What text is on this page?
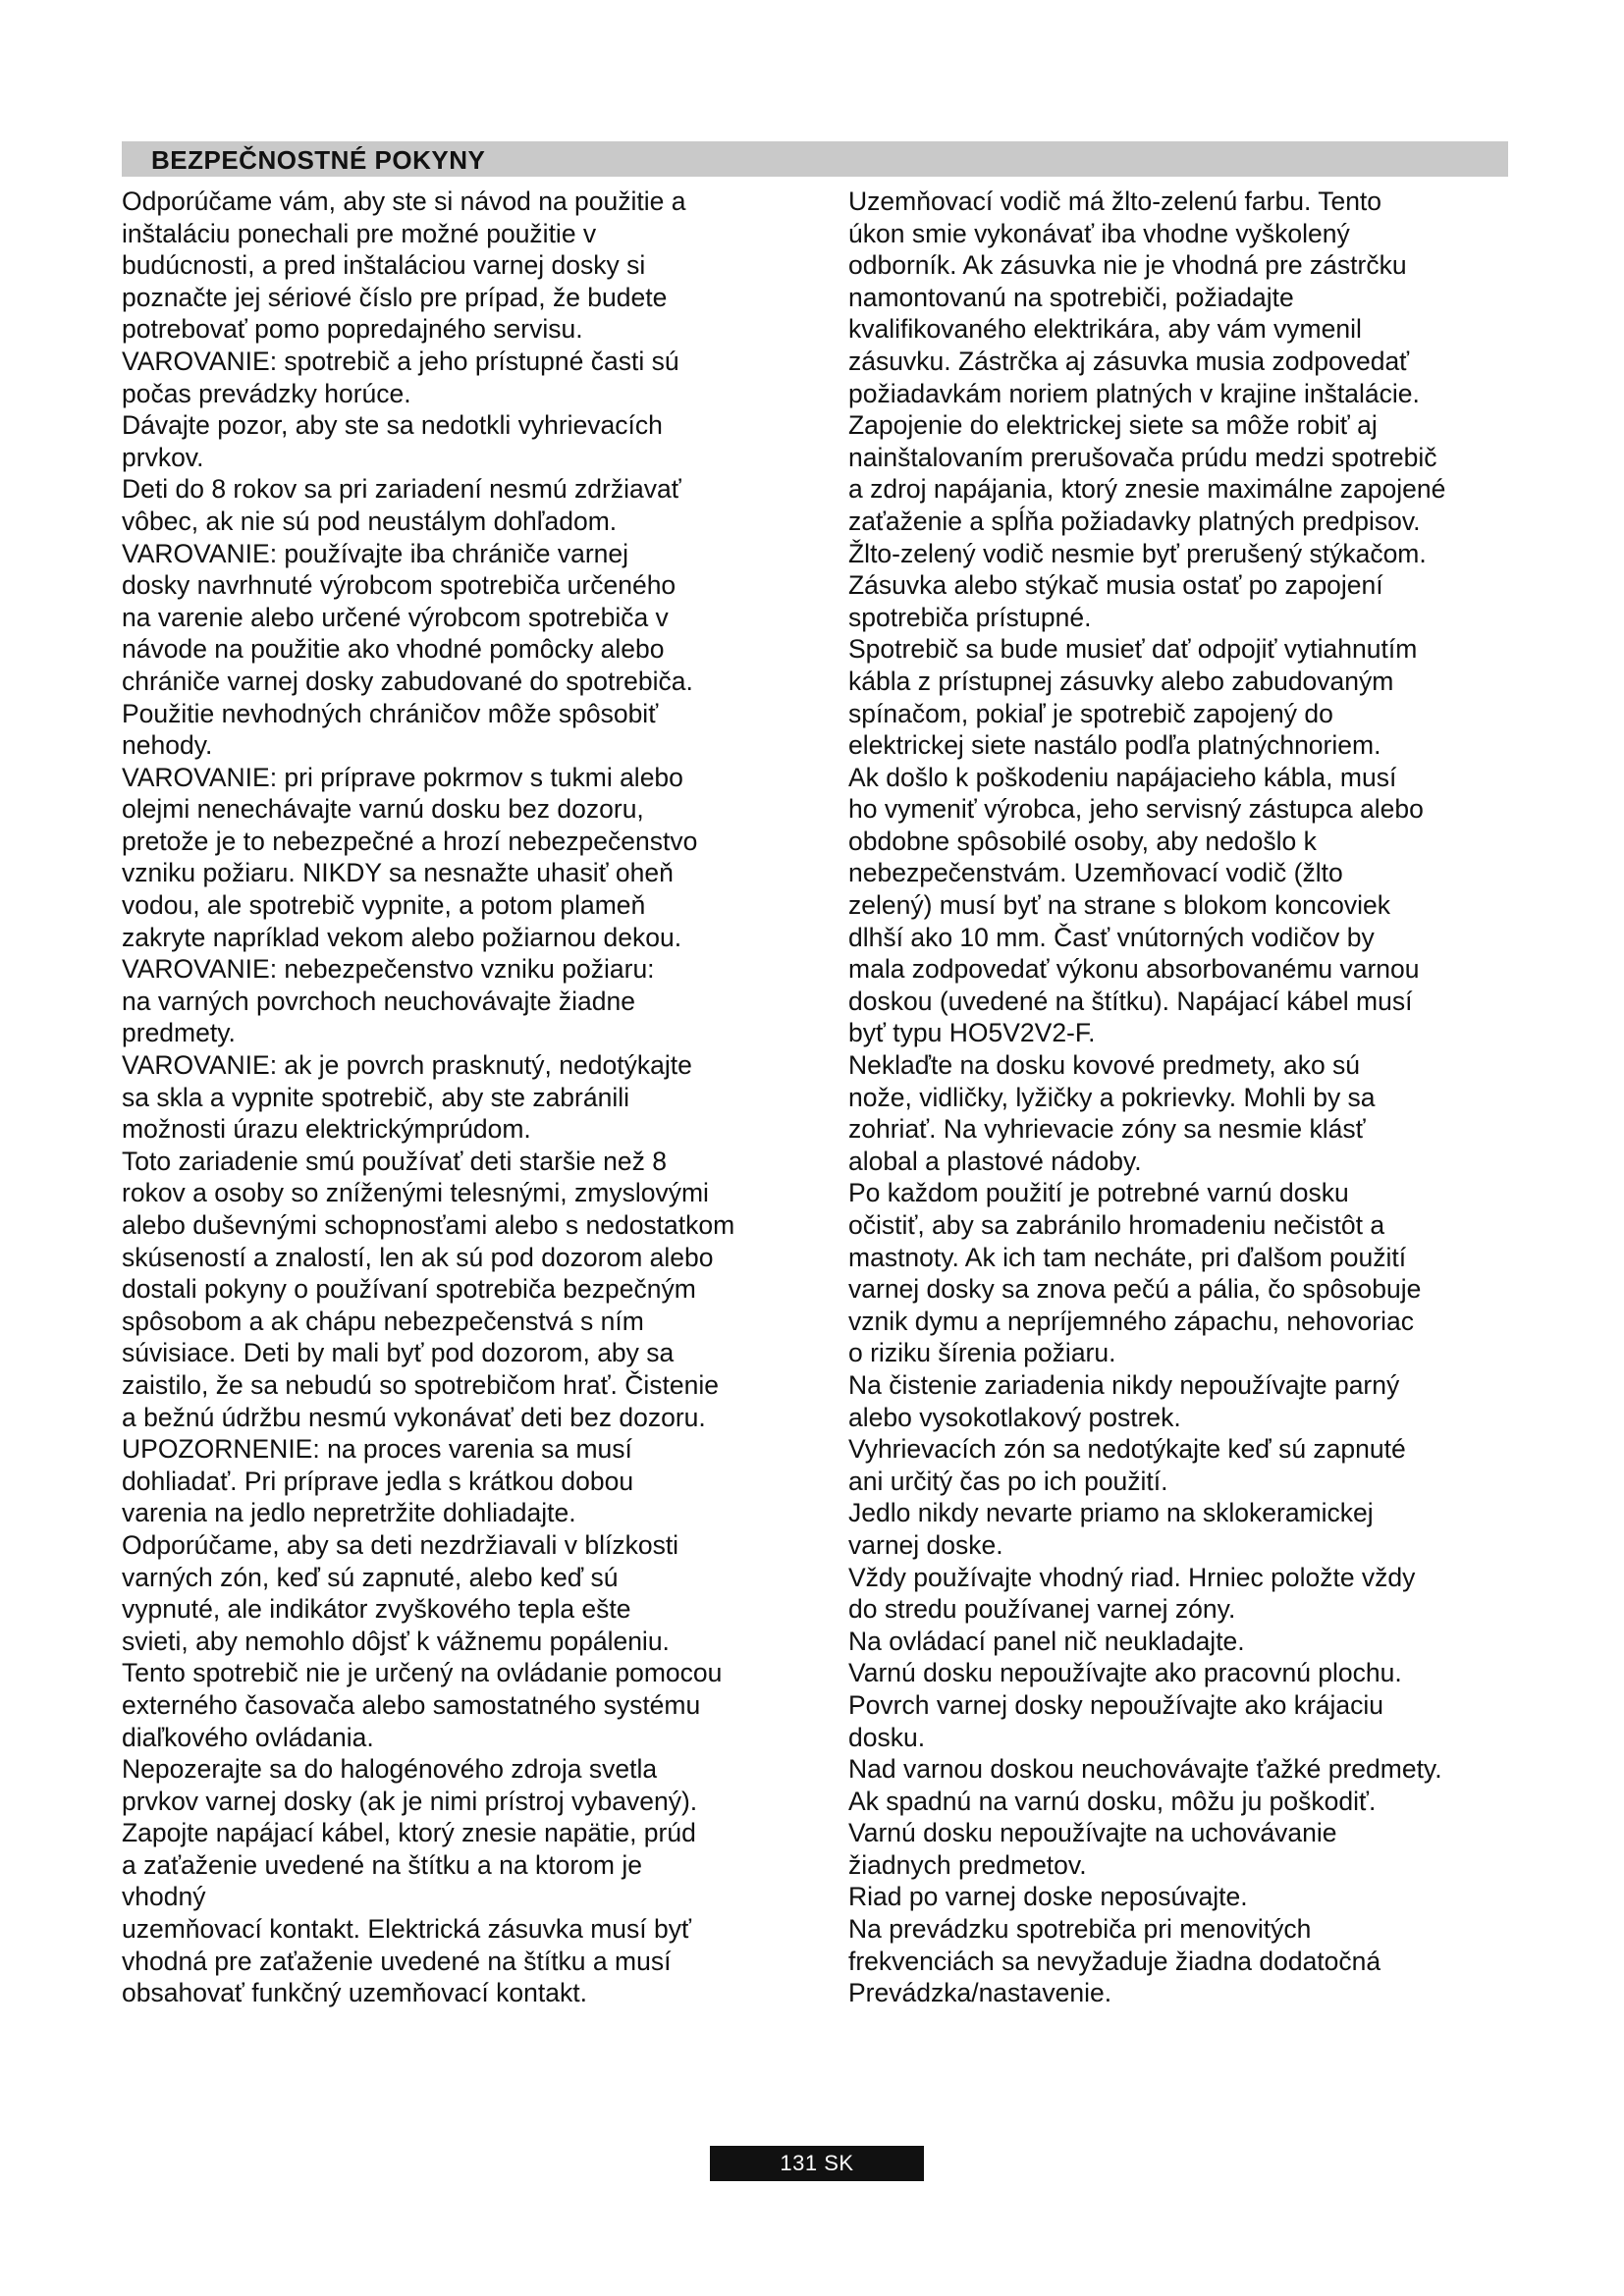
BEZPEČNOSTNÉ POKYNY
Odporúčame vám, aby ste si návod na použitie a
inštaláciu ponechali pre možné použitie v
budúcnosti, a pred inštaláciou varnej dosky si
poznačte jej sériové číslo pre prípad, že budete
potrebovať pomo popredajného servisu.
VAROVANIE: spotrebič a jeho prístupné časti sú
počas prevádzky horúce.
Dávajte pozor, aby ste sa nedotkli vyhrievacích
prvkov.
Deti do 8 rokov sa pri zariadení nesmú zdržiavať
vôbec, ak nie sú pod neustálym dohľadom.
VAROVANIE: používajte iba chrániče varnej
dosky navrhnuté výrobcom spotrebiča určeného
na varenie alebo určené výrobcom spotrebiča v
návode na použitie ako vhodné pomôcky alebo
chrániče varnej dosky zabudované do spotrebiča.
Použitie nevhodných chráničov môže spôsobiť
nehody.
VAROVANIE: pri príprave pokrmov s tukmi alebo
olejmi nenechávajte varnú dosku bez dozoru,
pretože je to nebezpečné a hrozí nebezpečenstvo
vzniku požiaru. NIKDY sa nesnažte uhasiť oheň
vodou, ale spotrebič vypnite, a potom plameň
zakryte napríklad vekom alebo požiarnou dekou.
VAROVANIE: nebezpečenstvo vzniku požiaru:
na varných povrchoch neuchovávajte žiadne
predmety.
VAROVANIE: ak je povrch prasknutý, nedotýkajte
sa skla a vypnite spotrebič, aby ste zabránili
možnosti úrazu elektrickýmprúdom.
Toto zariadenie smú používať deti staršie než 8
rokov a osoby so zníženými telesnými, zmyslovými
alebo duševnými schopnosťami alebo s nedostatkom
skúseností a znalostí, len ak sú pod dozorom alebo
dostali pokyny o používaní spotrebiča bezpečným
spôsobom a ak chápu nebezpečenstvá s ním
súvisiace. Deti by mali byť pod dozorom, aby sa
zaistilo, že sa nebudú so spotrebičom hrať. Čistenie
a bežnú údržbu nesmú vykonávať deti bez dozoru.
UPOZORNENIE: na proces varenia sa musí
dohliadať. Pri príprave jedla s krátkou dobou
varenia na jedlo nepretržite dohliadajte.
Odporúčame, aby sa deti nezdržiavali v blízkosti
varných zón, keď sú zapnuté, alebo keď sú
vypnuté, ale indikátor zvyškového tepla ešte
svieti, aby nemohlo dôjsť k vážnemu popáleniu.
Tento spotrebič nie je určený na ovládanie pomocou
externého časovača alebo samostatného systému
diaľkového ovládania.
Nepozerajte sa do halogénového zdroja svetla
prvkov varnej dosky (ak je nimi prístroj vybavený).
Zapojte napájací kábel, ktorý znesie napätie, prúd
a zaťaženie uvedené na štítku a na ktorom je
vhodný
uzemňovací kontakt. Elektrická zásuvka musí byť
vhodná pre zaťaženie uvedené na štítku a musí
obsahovať funkčný uzemňovací kontakt.
Uzemňovací vodič má žlto-zelenú farbu. Tento
úkon smie vykonávať iba vhodne vyškolený
odborník. Ak zásuvka nie je vhodná pre zástrčku
namontovanú na spotrebiči, požiadajte
kvalifikovaného elektrikára, aby vám vymenil
zásuvku. Zástrčka aj zásuvka musia zodpovedať
požiadavkám noriem platných v krajine inštalácie.
Zapojenie do elektrickej siete sa môže robiť aj
nainštalovaním prerušovača prúdu medzi spotrebič
a zdroj napájania, ktorý znesie maximálne zapojené
zaťaženie a spĺňa požiadavky platných predpisov.
Žlto-zelený vodič nesmie byť prerušený stýkačom.
Zásuvka alebo stýkač musia ostať po zapojení
spotrebiča prístupné.
Spotrebič sa bude musieť dať odpojiť vytiahnutím
kábla z prístupnej zásuvky alebo zabudovaným
spínačom, pokiaľ je spotrebič zapojený do
elektrickej siete nastálo podľa platnýchnoriem.
Ak došlo k poškodeniu napájacieho kábla, musí
ho vymeniť výrobca, jeho servisný zástupca alebo
obdobne spôsobilé osoby, aby nedošlo k
nebezpečenstvám. Uzemňovací vodič (žlto
zelený) musí byť na strane s blokom koncoviek
dlhší ako 10 mm. Časť vnútorných vodičov by
mala zodpovedať výkonu absorbovanému varnou
doskou (uvedené na štítku). Napájací kábel musí
byť typu HO5V2V2-F.
Neklaďte na dosku kovové predmety, ako sú
nože, vidličky, lyžičky a pokrievky. Mohli by sa
zohriať. Na vyhrievacie zóny sa nesmie klásť
alobal a plastové nádoby.
Po každom použití je potrebné varnú dosku
očistiť, aby sa zabránilo hromadeniu nečistôt a
mastnoty. Ak ich tam necháte, pri ďalšom použití
varnej dosky sa znova pečú a pália, čo spôsobuje
vznik dymu a nepríjemného zápachu, nehovoriac
o riziku šírenia požiaru.
Na čistenie zariadenia nikdy nepoužívajte parný
alebo vysokotlakový postrek.
Vyhrievacích zón sa nedotýkajte keď sú zapnuté
ani určitý čas po ich použití.
Jedlo nikdy nevarte priamo na sklokeramickej
varnej doske.
Vždy používajte vhodný riad. Hrniec položte vždy
do stredu používanej varnej zóny.
Na ovládací panel nič neukladajte.
Varnú dosku nepoužívajte ako pracovnú plochu.
Povrch varnej dosky nepoužívajte ako krájaciu
dosku.
Nad varnou doskou neuchovávajte ťažké predmety.
Ak spadnú na varnú dosku, môžu ju poškodiť.
Varnú dosku nepoužívajte na uchovávanie
žiadnych predmetov.
Riad po varnej doske neposúvajte.
Na prevádzku spotrebiča pri menovitých
frekvenciách sa nevyžaduje žiadna dodatočná
Prevádzka/nastavenie.
131 SK
